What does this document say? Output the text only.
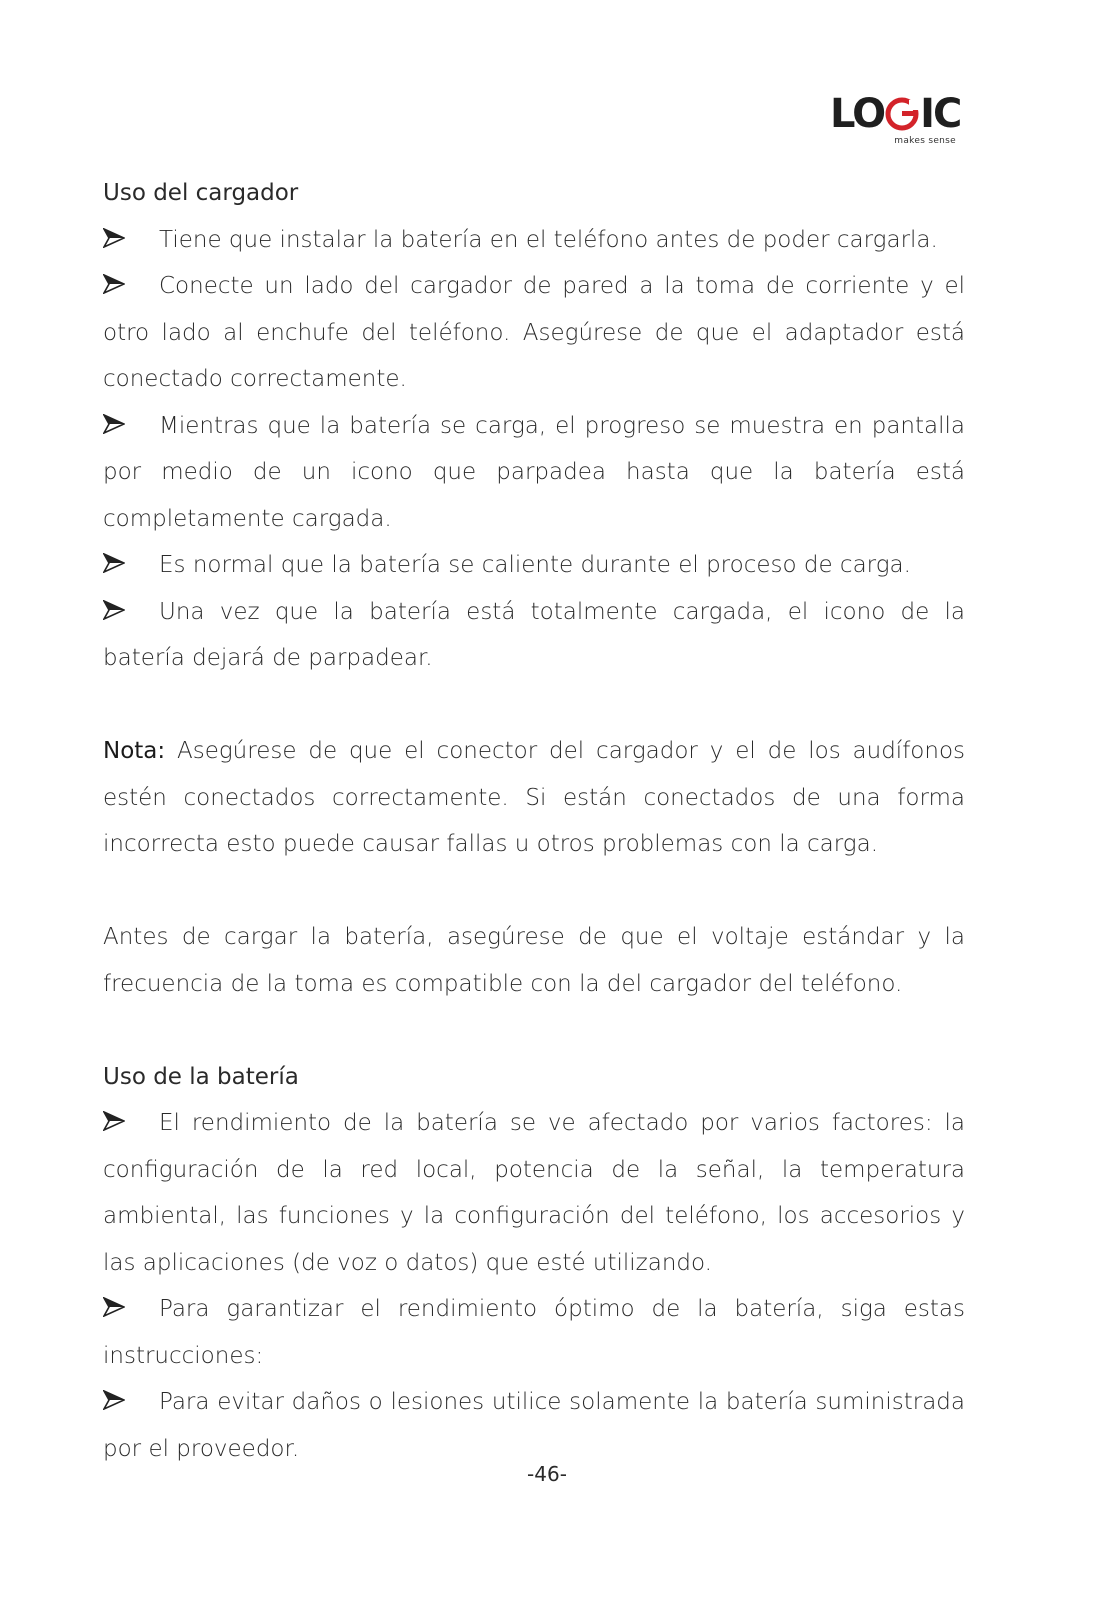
LO IC
makes sense
Uso del cargador

Tiene que instalar la batería en el teléfono antes de poder cargarla.

Conecte un lado del cargador de pared a la toma de corriente y el otro lado al enchufe del teléfono. Asegúrese de que el adaptador está conectado correctamente.

Mientras que la batería se carga, el progreso se muestra en pantalla por medio de un icono que parpadea hasta que la batería está completamente cargada.

Es normal que la batería se caliente durante el proceso de carga.

Una vez que la batería está totalmente cargada, el icono de la batería dejará de parpadear.

Nota: Asegúrese de que el conector del cargador y el de los audífonos estén conectados correctamente. Si están conectados de una forma incorrecta esto puede causar fallas u otros problemas con la carga.

Antes de cargar la batería, asegúrese de que el voltaje estándar y la frecuencia de la toma es compatible con la del cargador del teléfono.

Uso de la batería

El rendimiento de la batería se ve afectado por varios factores: la configuración de la red local, potencia de la señal, la temperatura ambiental, las funciones y la configuración del teléfono, los accesorios y las aplicaciones (de voz o datos) que esté utilizando.

Para garantizar el rendimiento óptimo de la batería, siga estas instrucciones:

Para evitar daños o lesiones utilice solamente la batería suministrada por el proveedor.

-46-
